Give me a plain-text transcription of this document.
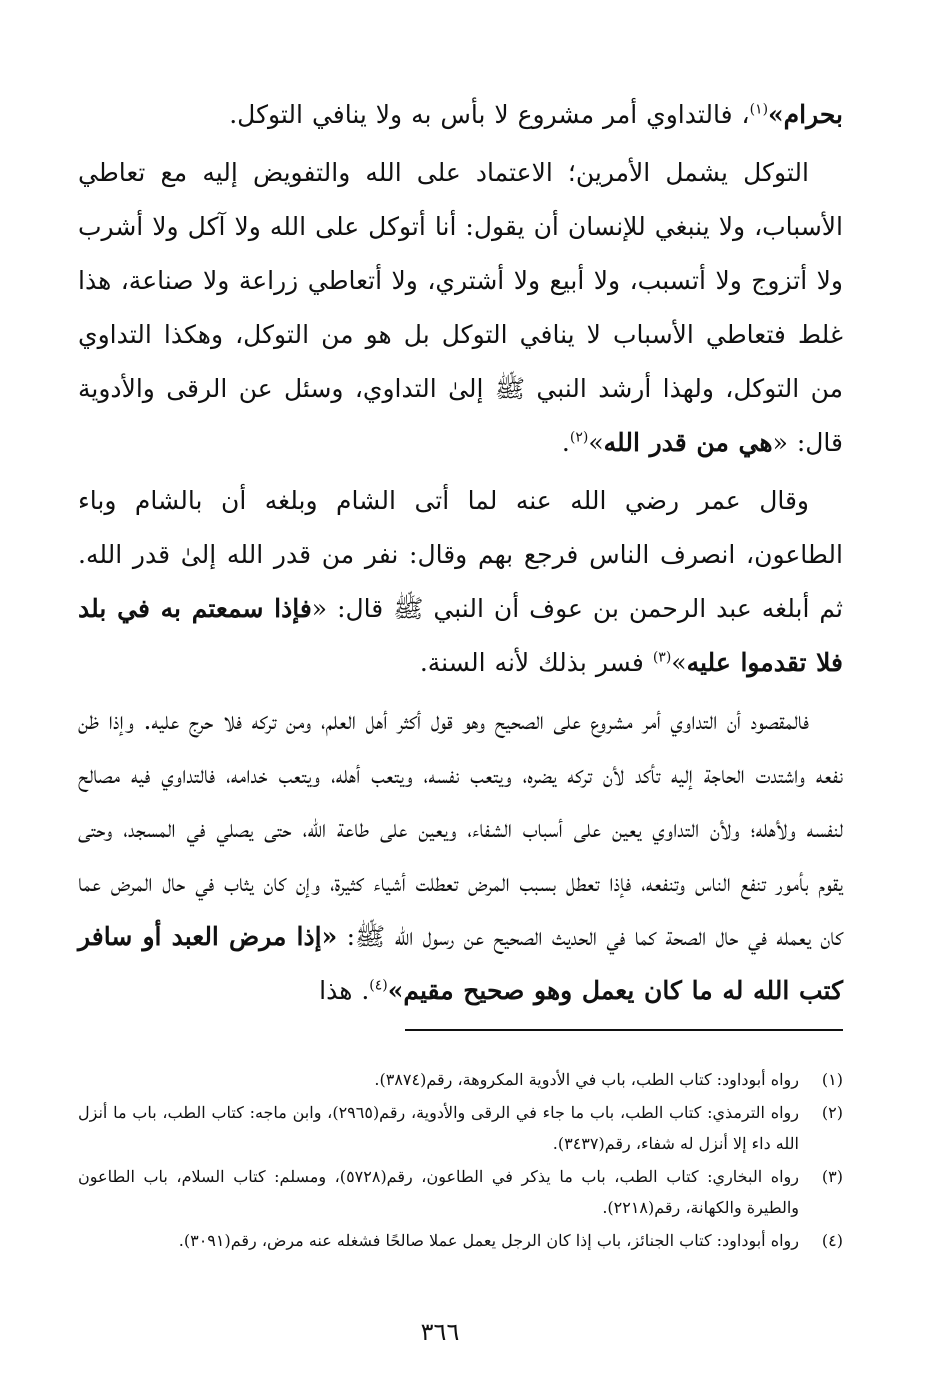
بحرام»$^{(١)}$، فالتداوي أمر مشروع لا بأس به ولا ينافي التوكل.

التوكل يشمل الأمرين؛ الاعتماد على الله والتفويض إليه مع تعاطي الأسباب، ولا ينبغي للإنسان أن يقول: أنا أتوكل على الله ولا آكل ولا أشرب ولا أتزوج ولا أتسبب، ولا أبيع ولا أشتري، ولا أتعاطي زراعة ولا صناعة، هذا غلط فتعاطي الأسباب لا ينافي التوكل بل هو من التوكل، وهكذا التداوي من التوكل، ولهذا أرشد النبي ﷺ إلىٰ التداوي، وسئل عن الرقى والأدوية قال: «هي من قدر الله»$^{(٢)}$.

وقال عمر رضي الله عنه لما أتى الشام وبلغه أن بالشام وباء الطاعون، انصرف الناس فرجع بهم وقال: نفر من قدر الله إلىٰ قدر الله. ثم أبلغه عبد الرحمن بن عوف أن النبي ﷺ قال: «فإذا سمعتم به في بلد فلا تقدموا عليه»$^{(٣)}$ فسر بذلك لأنه السنة.

فالمقصود أن التداوي أمر مشروع على الصحيح وهو قول أكثر أهل العلم، ومن تركه فلا حرج عليه. وإذا ظن نفعه واشتدت الحاجة إليه تأكد لأن تركه يضره، ويتعب نفسه، ويتعب أهله، ويتعب خدامه، فالتداوي فيه مصالح لنفسه ولأهله؛ ولأن التداوي يعين على أسباب الشفاء، ويعين على طاعة الله، حتى يصلي في المسجد، وحتى يقوم بأمور تنفع الناس وتنفعه، فإذا تعطل بسبب المرض تعطلت أشياء كثيرة، وإن كان يثاب في حال المرض عما كان يعمله في حال الصحة كما في الحديث الصحيح عن رسول الله ﷺ: «إذا مرض العبد أو سافر كتب الله له ما كان يعمل وهو صحيح مقيم»$^{(٤)}$. هذا

(١)
رواه أبوداود: كتاب الطب، باب في الأدوية المكروهة، رقم(٣٨٧٤).
(٢)
رواه الترمذي: كتاب الطب، باب ما جاء في الرقى والأدوية، رقم(٢٩٦٥)، وابن ماجه: كتاب الطب، باب ما أنزل الله داء إلا أنزل له شفاء، رقم(٣٤٣٧).
(٣)
رواه البخاري: كتاب الطب، باب ما يذكر في الطاعون، رقم(٥٧٢٨)، ومسلم: كتاب السلام، باب الطاعون والطيرة والكهانة، رقم(٢٢١٨).
(٤)
رواه أبوداود: كتاب الجنائز، باب إذا كان الرجل يعمل عملا صالحًا فشغله عنه مرض، رقم(٣٠٩١).
٣٦٦
